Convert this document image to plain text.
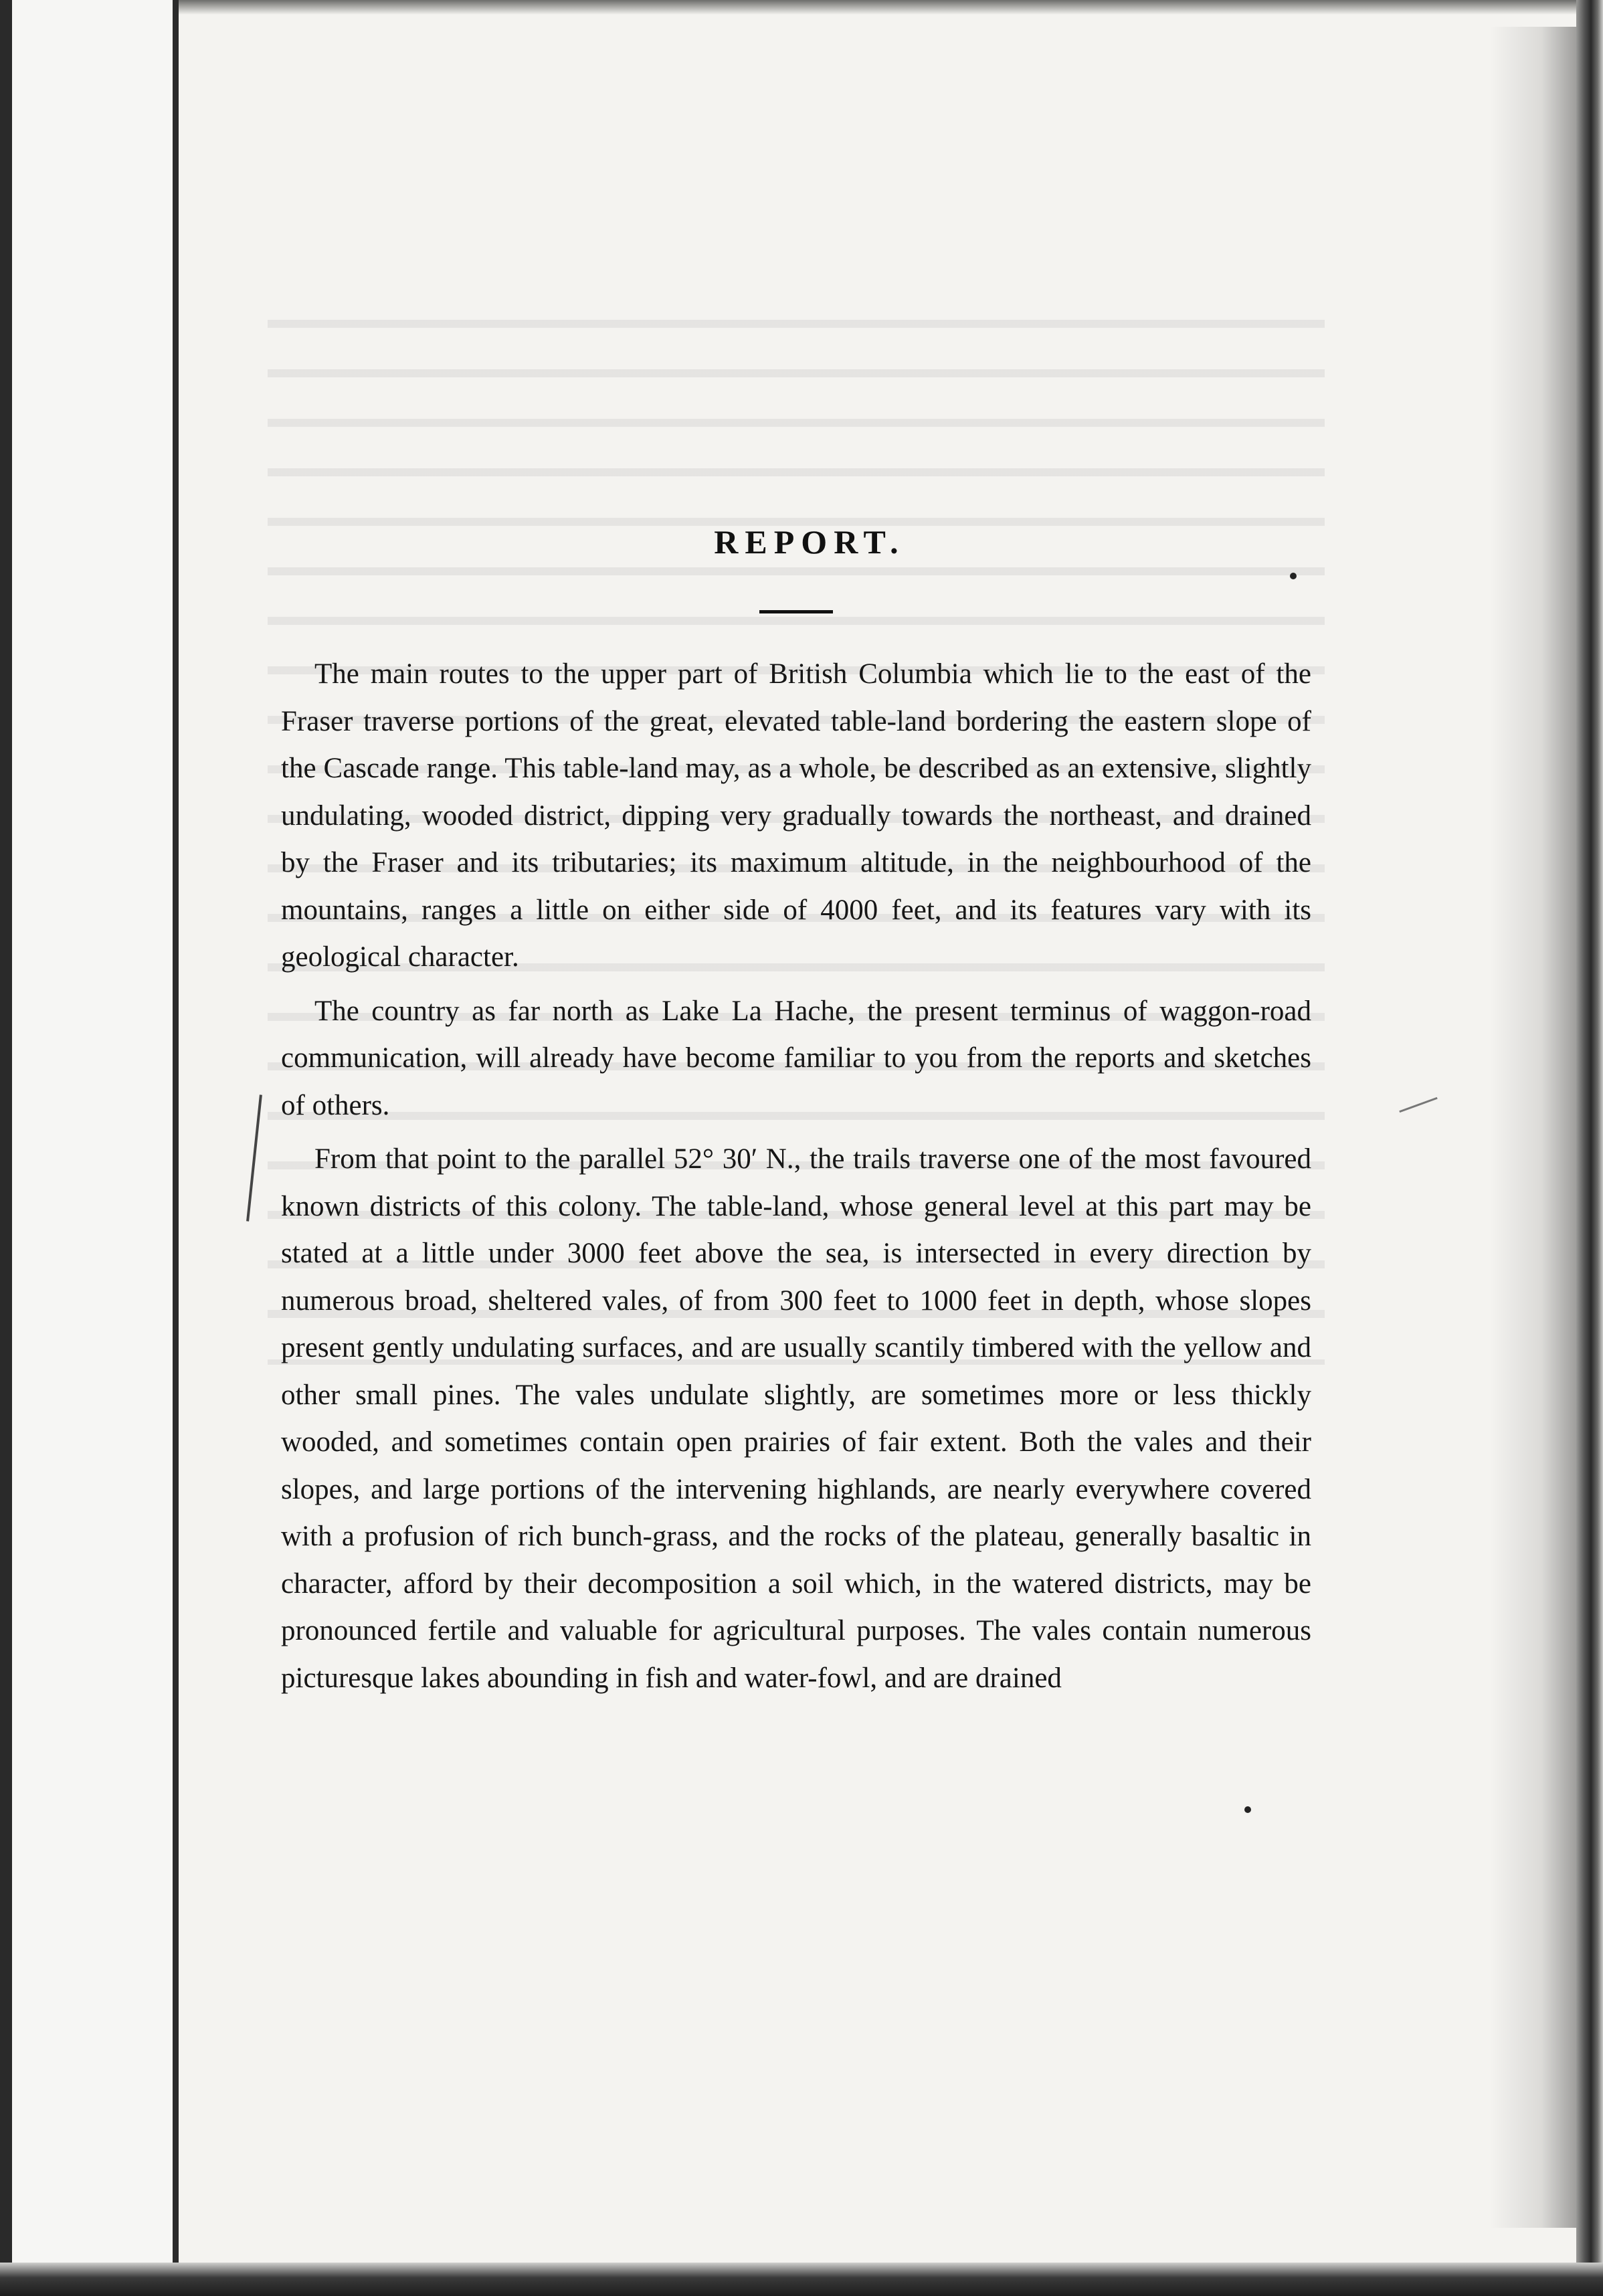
REPORT.

The main routes to the upper part of British Columbia which lie to the east of the Fraser traverse portions of the great, elevated table-land bordering the eastern slope of the Cascade range. This table-land may, as a whole, be described as an extensive, slightly undulating, wooded district, dipping very gradually towards the northeast, and drained by the Fraser and its tributaries; its maximum altitude, in the neighbourhood of the mountains, ranges a little on either side of 4000 feet, and its features vary with its geological character.

The country as far north as Lake La Hache, the present terminus of waggon-road communication, will already have become familiar to you from the reports and sketches of others.

From that point to the parallel 52° 30′ N., the trails traverse one of the most favoured known districts of this colony. The table-land, whose general level at this part may be stated at a little under 3000 feet above the sea, is intersected in every direction by numerous broad, sheltered vales, of from 300 feet to 1000 feet in depth, whose slopes present gently undulating surfaces, and are usually scantily timbered with the yellow and other small pines. The vales undulate slightly, are sometimes more or less thickly wooded, and sometimes contain open prairies of fair extent. Both the vales and their slopes, and large portions of the intervening highlands, are nearly everywhere covered with a profusion of rich bunch-grass, and the rocks of the plateau, generally basaltic in character, afford by their decomposition a soil which, in the watered districts, may be pronounced fertile and valuable for agricultural purposes. The vales contain numerous picturesque lakes abounding in fish and water-fowl, and are drained
